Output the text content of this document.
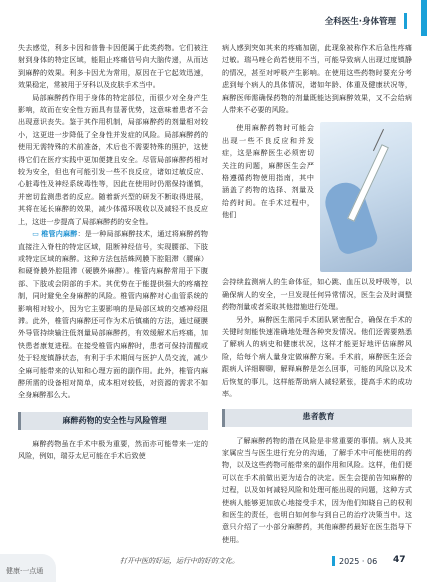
全科医生·身体管理

失去感觉，利多卡因和普鲁卡因便属于此类药物。它们被注射到身体的特定区域，能阻止疼痛信号向大脑传递，从而达到麻醉的效果。利多卡因尤为常用，原因在于它起效迅速，效果稳定，常被用于牙科以及皮肤手术当中。

局部麻醉药作用于身体的特定部位，而很少对全身产生影响，故而在安全性方面具有显著优势，这意味着患者不会出现意识丧失。鉴于其作用机制，局部麻醉药的剂量相对较小，这更进一步降低了全身性并发症的风险。局部麻醉药的使用无需特殊的术前准备，术后也不需要特殊的照护，这使得它们在医疗实践中更加便捷且安全。尽管局部麻醉药相对较为安全，但也有可能引发一些不良反应，诸如过敏反应、心脏毒性及神经系统毒性等，因此在使用时仍需保持谨慎，并密切监测患者的反应。随着新兴型的研发不断取得进展，其将在延长麻醉的效果，减少体循环吸收以及减轻不良反应上，这进一步提高了局部麻醉药的安全性。

▭ 椎管内麻醉：是一种局部麻醉技术，通过将麻醉药物直接注入脊柱的特定区域，阻断神经信号，实现腰部、下肢或特定区域的麻醉。这种方法包括蛛网膜下腔阻滞（腰麻）和硬脊膜外腔阻滞（硬膜外麻醉）。椎管内麻醉常用于下腹部、下肢或会阴部的手术。其优势在于能提供强大的疼痛控制，同时避免全身麻醉的风险。椎管内麻醉对心血管系统的影响相对较小，因为它主要影响的是局部区域的交感神经阻滞。此外，椎管内麻醉还可作为术后镇痛的方法，通过硬膜外导管持续输注低剂量局部麻醉药，有效缓解术后疼痛，加快患者康复进程。在接受椎管内麻醉时，患者可保持清醒或处于轻度镇静状态，有利于手术期间与医护人员交流，减少全麻可能带来的认知和心理方面的副作用。此外，椎管内麻醉所需的设备相对简单，成本相对较低，对资源的需求不如全身麻醉那么大。

麻醉药物的安全性与风险管理

麻醉药物虽在手术中极为重要，然而亦可能带来一定的风险，例如，瑞芬太尼可能在手术后致使

病人感到突如其来的疼痛加剧，此现象被称作术后急性疼痛过敏。瑞马唑仑尚若使用不当，可能导致病人出现过度镇静的情况，甚至对呼吸产生影响。在使用这些药物时要充分考虑到每个病人的具体情况，诸如年龄、体重及健康状况等，麻醉医师需确保药物的剂量既能达到麻醉效果，又不会给病人带来不必要的风险。

使用麻醉药物时可能会出现一些不良反应和并发症，这是麻醉医生必须密切关注的问题，麻醉医生会严格遵循药物使用指南，其中涵盖了药物的选择、剂量及给药时间。在手术过程中，他们

会持续监测病人的生命体征，如心跳、血压以及呼吸等，以确保病人的安全，一旦发现任何异常情况，医生会及时调整药物剂量或者采取其他措施进行处理。

另外，麻醉医生需同手术团队紧密配合，确保在手术的关键时刻能快速准确地处理各种突发情况。他们还需要熟悉了解病人的病史和健康状况，这样才能更好地评估麻醉风险，给每个病人量身定做麻醉方案。手术前，麻醉医生还会跟病人详细聊聊，解释麻醉是怎么回事，可能的风险以及术后恢复的事儿，这样能帮助病人减轻紧张，提高手术的成功率。

患者教育

了解麻醉药物的潜在风险是非常重要的事情。病人及其家属应当与医生进行充分的沟通，了解手术中可能使用的药物，以及这些药物可能带来的副作用和风险。这样，他们便可以在手术前做出更为适合的决定。医生会提前告知麻醉的过程，以及如何减轻风险和处理可能出现的问题，这种方式使病人能够更加放心地接受手术，因为他们知晓自己的权利和医生的责任，也明白如何参与到自己的治疗决策当中。这意只介绍了一小部分麻醉药，其他麻醉药最好在医生指导下使用。

健康·一点通
打开中医的好运，运行中的好的文化。	2025 · 06 47
